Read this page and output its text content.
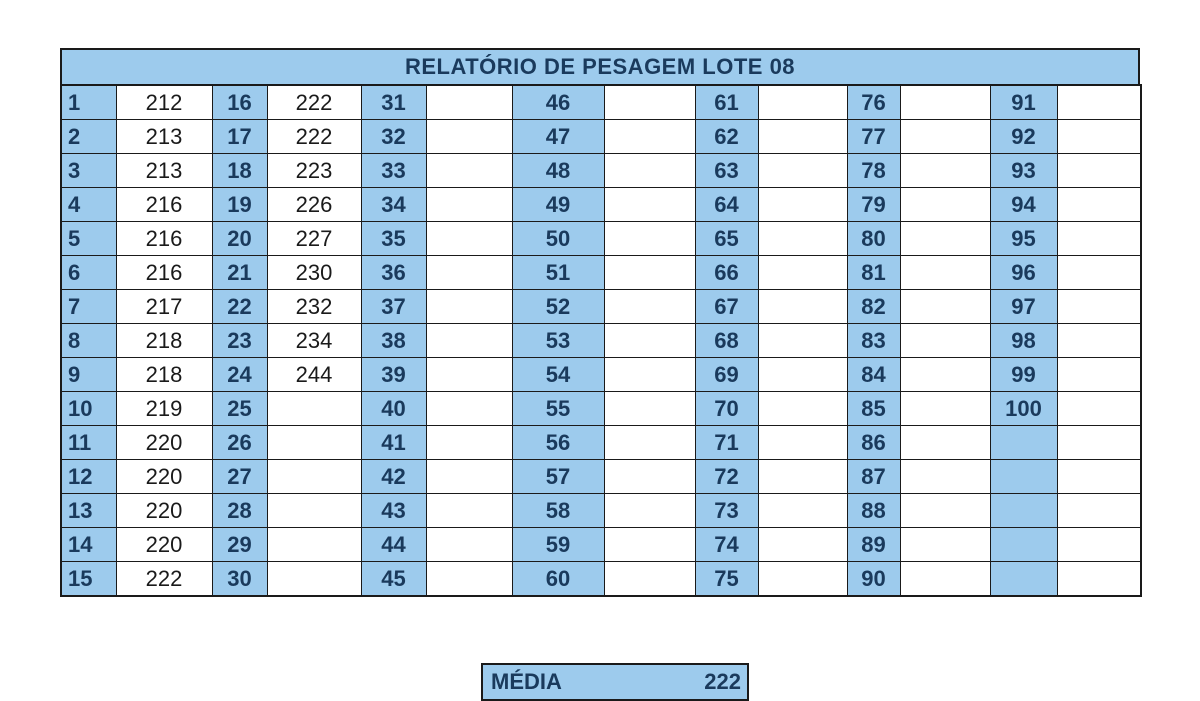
RELATÓRIO DE PESAGEM LOTE 08
1	212	16	222	31		46		61		76		91	
2	213	17	222	32		47		62		77		92	
3	213	18	223	33		48		63		78		93	
4	216	19	226	34		49		64		79		94	
5	216	20	227	35		50		65		80		95	
6	216	21	230	36		51		66		81		96	
7	217	22	232	37		52		67		82		97	
8	218	23	234	38		53		68		83		98	
9	218	24	244	39		54		69		84		99	
10	219	25		40		55		70		85		100	
11	220	26		41		56		71		86			
12	220	27		42		57		72		87			
13	220	28		43		58		73		88			
14	220	29		44		59		74		89			
15	222	30		45		60		75		90			
MÉDIA	222
